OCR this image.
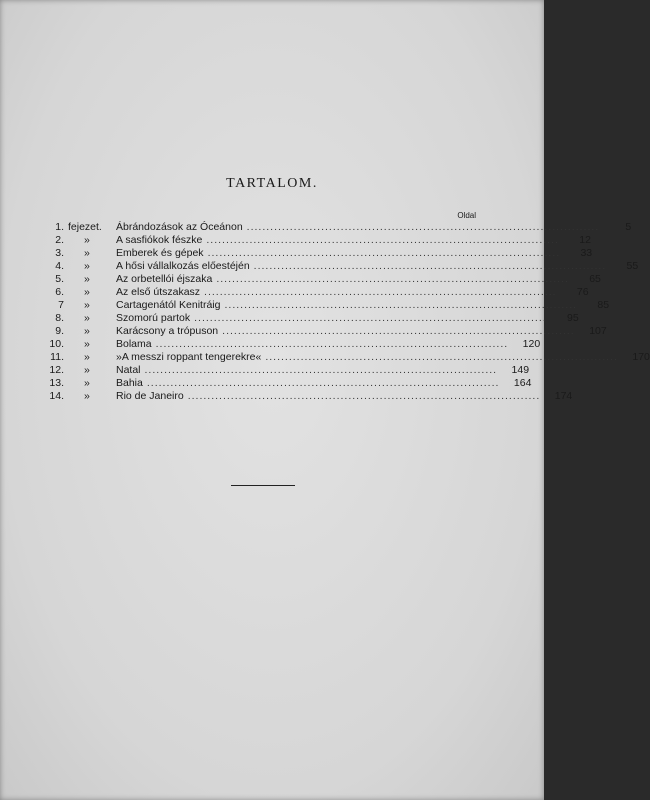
TARTALOM.
Oldal
1. fejezet.	Ábrándozások az Óceánon ..........................................................................................	5
2.	»	A sasfiókok fészke ..........................................................................................	12
3.	»	Emberek és gépek ..........................................................................................	33
4.	»	A hősi vállalkozás előestéjén ..........................................................................................	55
5.	»	Az orbetellói éjszaka ..........................................................................................	65
6.	»	Az első útszakasz ..........................................................................................	76
7	»	Cartagenától Kenitráig ..........................................................................................	85
8.	»	Szomorú partok ..........................................................................................	95
9.	»	Karácsony a trópuson ..........................................................................................	107
10.	»	Bolama ..........................................................................................	120
11.	»	»A messzi roppant tengerekre« ..........................................................................................	170
12.	»	Natal ..........................................................................................	149
13.	»	Bahia ..........................................................................................	164
14.	»	Rio de Janeiro ..........................................................................................	174
